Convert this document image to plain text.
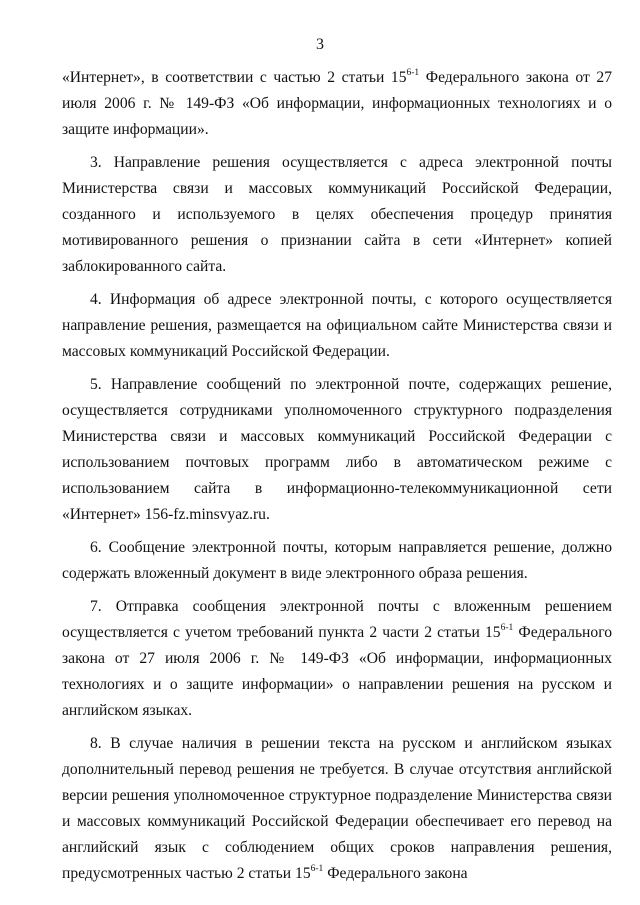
3

«Интернет», в соответствии с частью 2 статьи 15$^{6-1}$ Федерального закона от 27 июля 2006 г. № 149-ФЗ «Об информации, информационных технологиях и о защите информации».

3. Направление решения осуществляется с адреса электронной почты Министерства связи и массовых коммуникаций Российской Федерации, созданного и используемого в целях обеспечения процедур принятия мотивированного решения о признании сайта в сети «Интернет» копией заблокированного сайта.

4. Информация об адресе электронной почты, с которого осуществляется направление решения, размещается на официальном сайте Министерства связи и массовых коммуникаций Российской Федерации.

5. Направление сообщений по электронной почте, содержащих решение, осуществляется сотрудниками уполномоченного структурного подразделения Министерства связи и массовых коммуникаций Российской Федерации с использованием почтовых программ либо в автоматическом режиме с использованием сайта в информационно-телекоммуникационной сети «Интернет» 156-fz.minsvyaz.ru.

6. Сообщение электронной почты, которым направляется решение, должно содержать вложенный документ в виде электронного образа решения.

7. Отправка сообщения электронной почты с вложенным решением осуществляется с учетом требований пункта 2 части 2 статьи 15$^{6-1}$ Федерального закона от 27 июля 2006 г. № 149-ФЗ «Об информации, информационных технологиях и о защите информации» о направлении решения на русском и английском языках.

8. В случае наличия в решении текста на русском и английском языках дополнительный перевод решения не требуется. В случае отсутствия английской версии решения уполномоченное структурное подразделение Министерства связи и массовых коммуникаций Российской Федерации обеспечивает его перевод на английский язык с соблюдением общих сроков направления решения, предусмотренных частью 2 статьи 15$^{6-1}$ Федерального закона
